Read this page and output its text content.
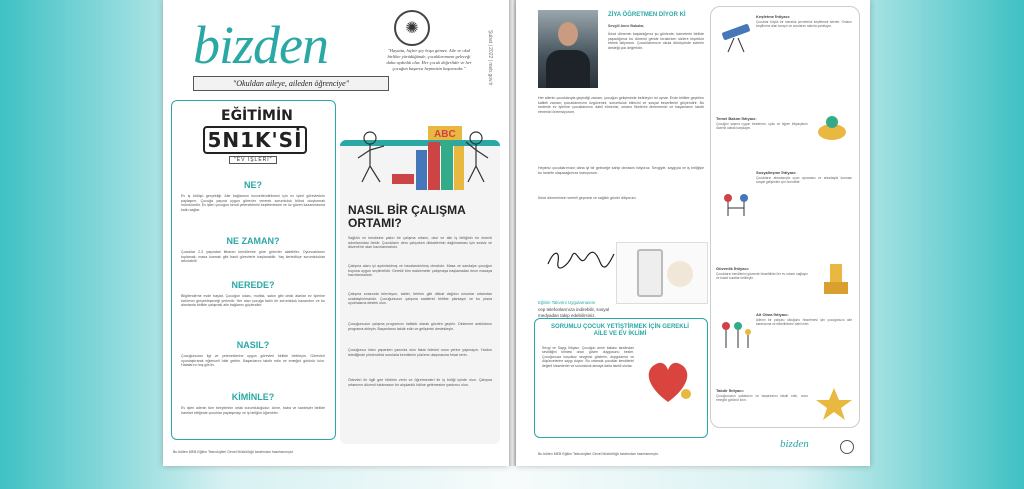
bizden
"Okuldan aileye, aileden öğrenciye"
✺
"Hayatta, hiçbir şey boşa gitmez. Aile ve okul birlikte yürüdüğünde, çocuklarımızın geleceği daha aydınlık olur. Her çocuk değerlidir ve her çocuğun başarısı hepimizin başarısıdır."	Şubat | 2022 | meb.gov.tr
EĞİTİMİN
5N1K'Sİ
"EV İŞLERİ"
NE?
Ev iş bölüşü gerçekliği. Aile bağlarının kuvvetlendirilmesi için ev işleri görevlerinin paylaşımı. Çocuğa yaşına uygun görevler vererek sorumluluk bilinci oluşturmak mümkündür. Ev işleri çocuğun kendi yeteneklerini keşfetmesine ve öz güven kazanmasına katkı sağlar.
NE ZAMAN?
Çocuklar 2-3 yaşından itibaren kendilerine göre görevler alabilirler. Oyuncaklarını toplamak, masa kurmak gibi basit görevlerle başlanabilir. Yaş ilerledikçe sorumluluklar artırılabilir.
NEREDE?
Bilgilendirme evde başlar. Çocuğun odası, mutfak, salon gibi ortak alanlar ev işlerine katılımın gerçekleşeceği yerlerdir. Her alan çocuğa farklı bir sorumluluk kazandırır ve bu alanlarda birlikte çalışmak aile bağlarını güçlendirir.
NASIL?
Çocuğunuzun ilgi ve yeteneklerine uygun görevleri birlikte belirleyin. Görevleri oyunlaştırarak eğlenceli hâle getirin. Başarılarını takdir edin ve emeğini görünür kılın. Hatalarını hoş görün.
KİMİNLE?
Ev işleri ailenin tüm bireylerinin ortak sorumluluğudur. Anne, baba ve kardeşler birlikte hareket ettiğinde çocuklar paylaşmayı ve iş birliğini öğrenirler.
ABC
NASIL BİR ÇALIŞMA ORTAMI?
Sağlıklı ve kendisine yakın bir çalışma ortamı, okul ve aile iş birliğinin en önemli adımlarından biridir. Çocukların ders çalışırken dikkatlerinin dağılmaması için sessiz ve düzenli bir alan hazırlanmalıdır.
Çalışma alanı iyi aydınlatılmış ve havalandırılmış olmalıdır. Masa ve sandalye çocuğun boyuna uygun seçilmelidir. Gerekli tüm malzemeler çalışmaya başlamadan önce masaya hazırlanmalıdır.
Çalışma sırasında televizyon, tablet, telefon gibi dikkat dağıtıcı unsurlar ortamdan uzaklaştırılmalıdır. Çocuğunuzun çalışma saatlerini birlikte planlayın ve bu plana uyulmasına destek olun.
Çocuğunuzun çalışma programını haftalık olarak gözden geçirin. Dinlenme aralıklarını programa ekleyin. Başarılarını takdir edin ve gelişimini destekleyin.
Çocuğunuz ödev yaparken yanında olun fakat ödevini onun yerine yapmayın. Yardım istediğinde yönlendirici sorularla kendisinin çözüme ulaşmasına fırsat verin.
Ödevleri ile ilgili geri bildirim verin ve öğretmenleri ile iş birliği içinde olun. Çalışma ortamının düzenli tutulmasını bir alışkanlık hâline getirmesine yardımcı olun.
Bu bülten MEB Eğitim Teknolojileri Genel Müdürlüğü tarafından hazırlanmıştır.
ZİYA ÖĞRETMEN DİYOR Kİ
Sevgili Anne Babalar,
İkinci dönemin başladığımız şu günlerde, karnelerin birlikte yaşadığımız bu dönemi geride bırakırken sizlere teşekkür etmek istiyorum. Çocuklarımızın okula dönüşünde sizlerin desteği çok değerlidir.
Her ailenin çocuklarıyla geçirdiği zaman, çocuğun gelişiminde belirleyici rol oynar. Evde birlikte geçirilen kaliteli zaman; çocuklarımızın özgüvenini, sorumluluk bilincini ve sosyal becerilerini güçlendirir. Bu nedenle ev işlerine çocuklarımızı dahil etmenizi, onların fikirlerini dinlemenizi ve başarılarını takdir etmenizi önemsiyorum.
Hepimiz çocuklarımızın daha iyi bir geleceğe sahip olmasını istiyoruz. Sevgiyle, saygıyla ve iş birliğiyle bu hedefe ulaşacağımıza inanıyorum.
İkinci döneminizin verimli geçmesi ve sağlıklı günler diliyorum.
Eğitim Takvimi Uygulamasını
cep telefonlarınıza indirebilir, sosyal medyadan takip edebilirsiniz.
SORUMLU ÇOCUK YETİŞTİRMEK İÇİN GEREKLİ AİLE VE EV İKLİMİ
Sevgi ve Saygı İhtiyacı: Çocuğun anne babası tarafından sevildiğini bilmesi onun güven duygusunu besler. Çocuğunuza koşulsuz sevginizi gösterin, duygularına ve düşüncelerine saygı duyun. Bu ortamda çocuklar kendilerini değerli hissederler ve sorumluluk almaya daha istekli olurlar.
Keşfetme İhtiyacı:
Çocuklar büyük bir merakla çevrelerini keşfetmek isterler. Onların keşiflerine alan tanıyın ve sorularını sabırla yanıtlayın.
Temel Bakım İhtiyacı:
Çocuğun yaşına uygun beslenme, uyku ve hijyen ihtiyaçlarını düzenli olarak karşılayın.
Sosyalleşme İhtiyacı:
Çocukların akranlarıyla oyun oynaması ve arkadaşlık kurması sosyal gelişimleri için önemlidir.
Güvenlik İhtiyacı:
Çocukların kendilerini güvende hissettikleri bir ev ortamı sağlayın ve tutarlı kurallar belirleyin.
Ait Olma İhtiyacı:
Ailenin bir parçası olduğunu hissetmesi için çocuğunuzu aile kararlarına ve etkinliklerine dahil edin.
Takdir İhtiyacı:
Çocuğunuzun çabalarını ve başarılarını takdir edin, onun emeğini görünür kılın.
bizden
Bu bülten MEB Eğitim Teknolojileri Genel Müdürlüğü tarafından hazırlanmıştır.
